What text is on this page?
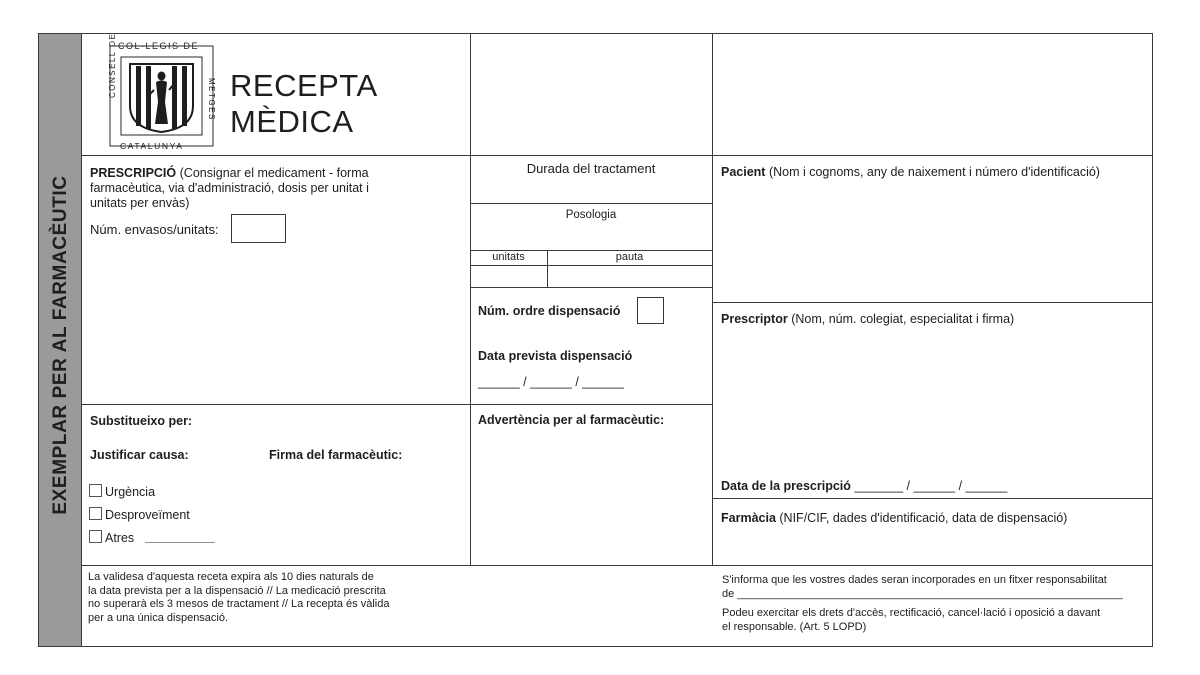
EXEMPLAR PER AL FARMACÈUTIC
COL·LEGIS DE
CONSELL DE
METGES
CATALUNYA
RECEPTA
MÈDICA
PRESCRIPCIÓ (Consignar el medicament - forma
farmacèutica, via d'administració, dosis per unitat i
unitats per envàs)
Núm. envasos/unitats:
Durada del tractament
Posologia
unitats	pauta
Núm. ordre dispensació
Data prevista dispensació
______ / ______ / ______
Pacient (Nom i cognoms, any de naixement i número d'identificació)
Prescriptor (Nom, núm. colegiat, especialitat i firma)
Data de la prescripció _______ / ______ / ______
Farmàcia (NIF/CIF, dades d'identificació, data de dispensació)
Substitueixo per:
Justificar causa:	Firma del farmacèutic:
Urgència
Desproveïment
Atres __________
Advertència per al farmacèutic:
La validesa d'aquesta receta expira als 10 dies naturals de
la data prevista per a la dispensació // La medicació prescrita
no superarà els 3 mesos de tractament // La recepta és vàlida
per a una única dispensació.
S'informa que les vostres dades seran incorporades en un fitxer responsabilitat
de _______________________________________________________________
Podeu exercitar els drets d'accès, rectificació, cancel·lació i oposició a davant
el responsable. (Art. 5 LOPD)
